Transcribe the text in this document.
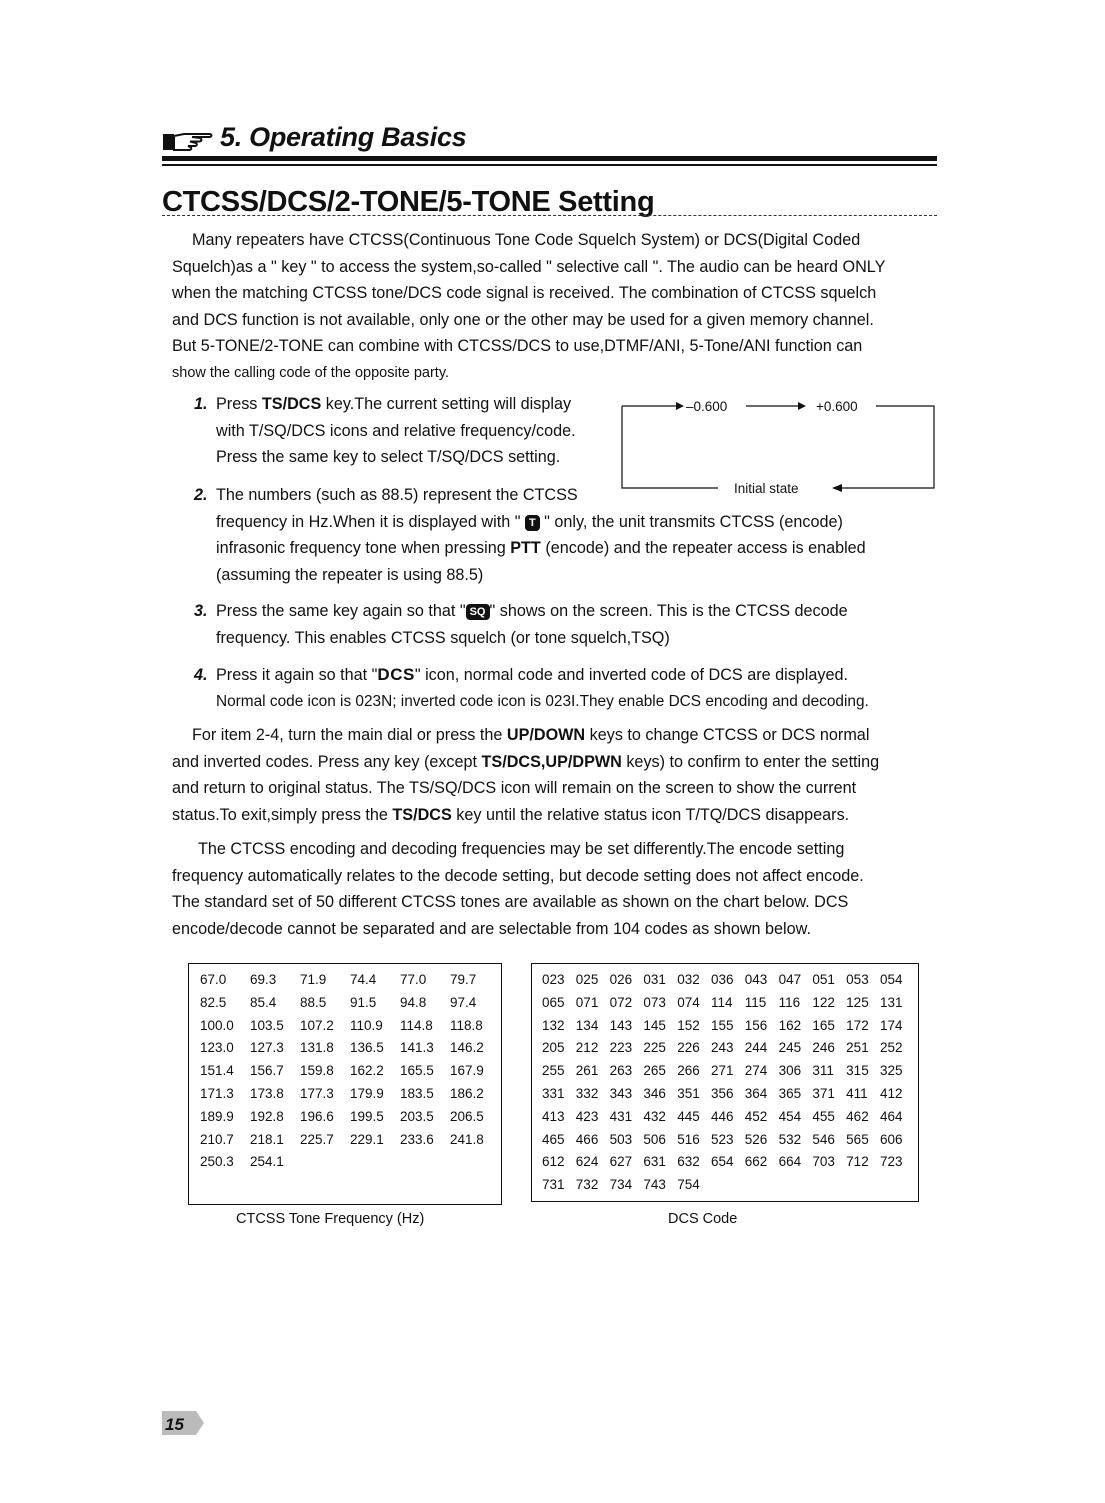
5. Operating Basics
CTCSS/DCS/2-TONE/5-TONE Setting

Many repeaters have CTCSS(Continuous Tone Code Squelch System) or DCS(Digital Coded

Squelch)as a " key " to access the system,so-called " selective call ". The audio can be heard ONLY

when the matching CTCSS tone/DCS code signal is received. The combination of CTCSS squelch

and DCS function is not available, only one or the other may be used for a given memory channel.

But 5-TONE/2-TONE can combine with CTCSS/DCS to use,DTMF/ANI, 5-Tone/ANI function can

show the calling code of the opposite party.

1. Press TS/DCS key.The current setting will display
with T/SQ/DCS icons and relative frequency/code.
Press the same key to select T/SQ/DCS setting.
–0.600	+0.600
Initial state
2. The numbers (such as 88.5) represent the CTCSS
frequency in Hz.When it is displayed with " T " only, the unit transmits CTCSS (encode)
infrasonic frequency tone when pressing PTT (encode) and the repeater access is enabled
(assuming the repeater is using 88.5)
3. Press the same key again so that " SQ " shows on the screen. This is the CTCSS decode
frequency. This enables CTCSS squelch (or tone squelch,TSQ)
4. Press it again so that "DCS" icon, normal code and inverted code of DCS are displayed.
Normal code icon is 023N; inverted code icon is 023I.They enable DCS encoding and decoding.

For item 2-4, turn the main dial or press the UP/DOWN keys to change CTCSS or DCS normal

and inverted codes. Press any key (except TS/DCS,UP/DPWN keys) to confirm to enter the setting

and return to original status. The TS/SQ/DCS icon will remain on the screen to show the current

status.To exit,simply press the TS/DCS key until the relative status icon T/TQ/DCS disappears.

The CTCSS encoding and decoding frequencies may be set differently.The encode setting

frequency automatically relates to the decode setting, but decode setting does not affect encode.

The standard set of 50 different CTCSS tones are available as shown on the chart below. DCS

encode/decode cannot be separated and are selectable from 104 codes as shown below.

67.0 69.3 71.9 74.4 77.0 79.7
82.5 85.4 88.5 91.5 94.8 97.4
100.0 103.5 107.2 110.9 114.8 118.8
123.0 127.3 131.8 136.5 141.3 146.2
151.4 156.7 159.8 162.2 165.5 167.9
171.3 173.8 177.3 179.9 183.5 186.2
189.9 192.8 196.6 199.5 203.5 206.5
210.7 218.1 225.7 229.1 233.6 241.8
250.3 254.1
023 025 026 031 032 036 043 047 051 053 054
065 071 072 073 074 114 115 116 122 125 131
132 134 143 145 152 155 156 162 165 172 174
205 212 223 225 226 243 244 245 246 251 252
255 261 263 265 266 271 274 306 311 315 325
331 332 343 346 351 356 364 365 371 411 412
413 423 431 432 445 446 452 454 455 462 464
465 466 503 506 516 523 526 532 546 565 606
612 624 627 631 632 654 662 664 703 712 723
731 732 734 743 754
CTCSS Tone Frequency (Hz)	DCS Code
15
